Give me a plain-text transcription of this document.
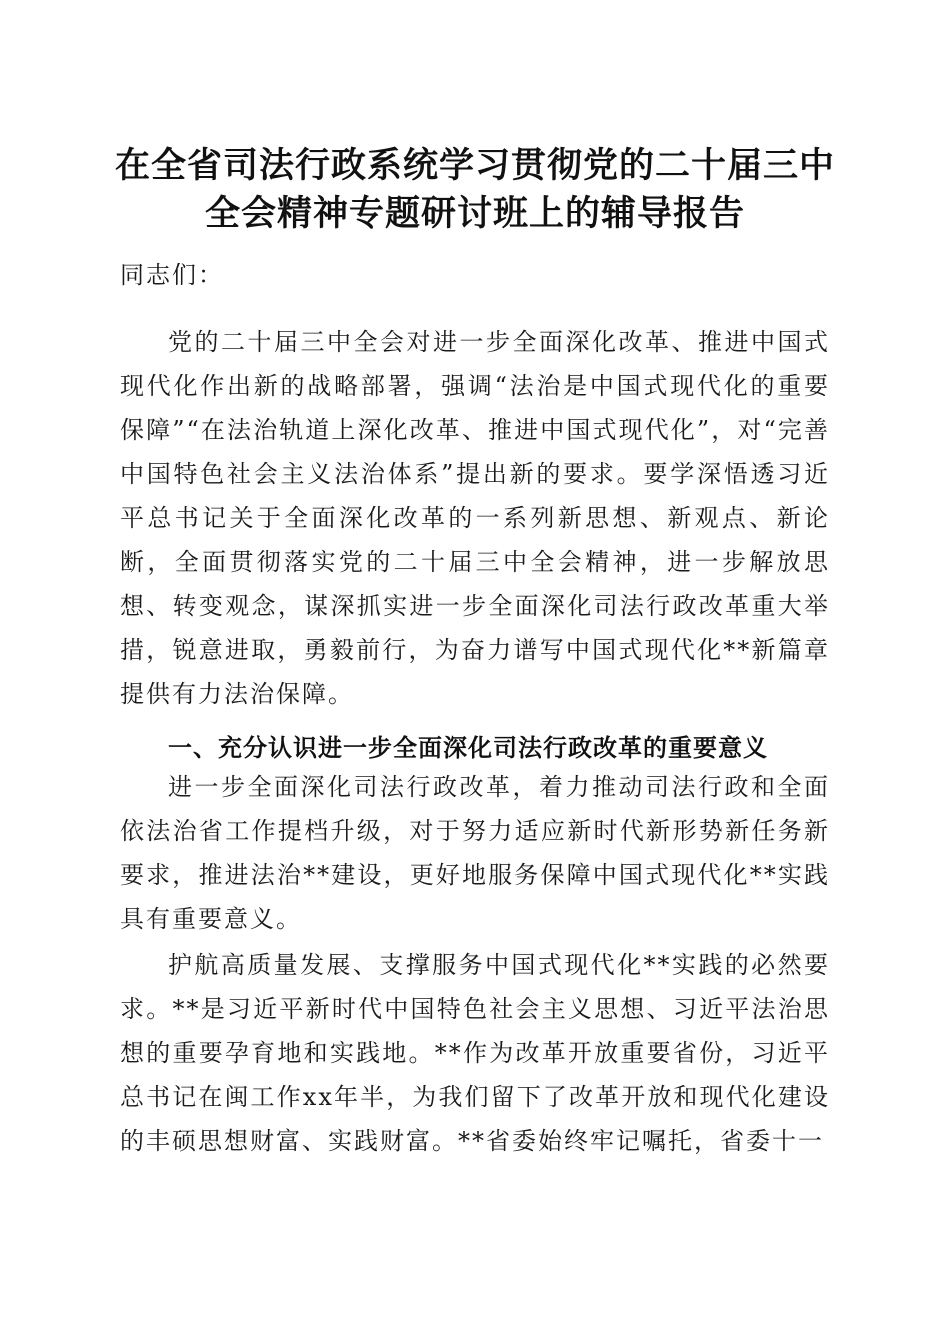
在全省司法行政系统学习贯彻党的二十届三中
全会精神专题研讨班上的辅导报告

同志们：

党的二十届三中全会对进一步全面深化改革、推进中国式现代化作出新的战略部署，强调“法治是中国式现代化的重要保障”“在法治轨道上深化改革、推进中国式现代化”，对“完善中国特色社会主义法治体系”提出新的要求。要学深悟透习近平总书记关于全面深化改革的一系列新思想、新观点、新论断，全面贯彻落实党的二十届三中全会精神，进一步解放思想、转变观念，谋深抓实进一步全面深化司法行政改革重大举措，锐意进取，勇毅前行，为奋力谱写中国式现代化**新篇章提供有力法治保障。

一、充分认识进一步全面深化司法行政改革的重要意义

进一步全面深化司法行政改革，着力推动司法行政和全面依法治省工作提档升级，对于努力适应新时代新形势新任务新要求，推进法治**建设，更好地服务保障中国式现代化**实践具有重要意义。

护航高质量发展、支撑服务中国式现代化**实践的必然要求。**是习近平新时代中国特色社会主义思想、习近平法治思想的重要孕育地和实践地。**作为改革开放重要省份，习近平总书记在闽工作xx年半，为我们留下了改革开放和现代化建设的丰硕思想财富、实践财富。**省委始终牢记嘱托，省委十一
